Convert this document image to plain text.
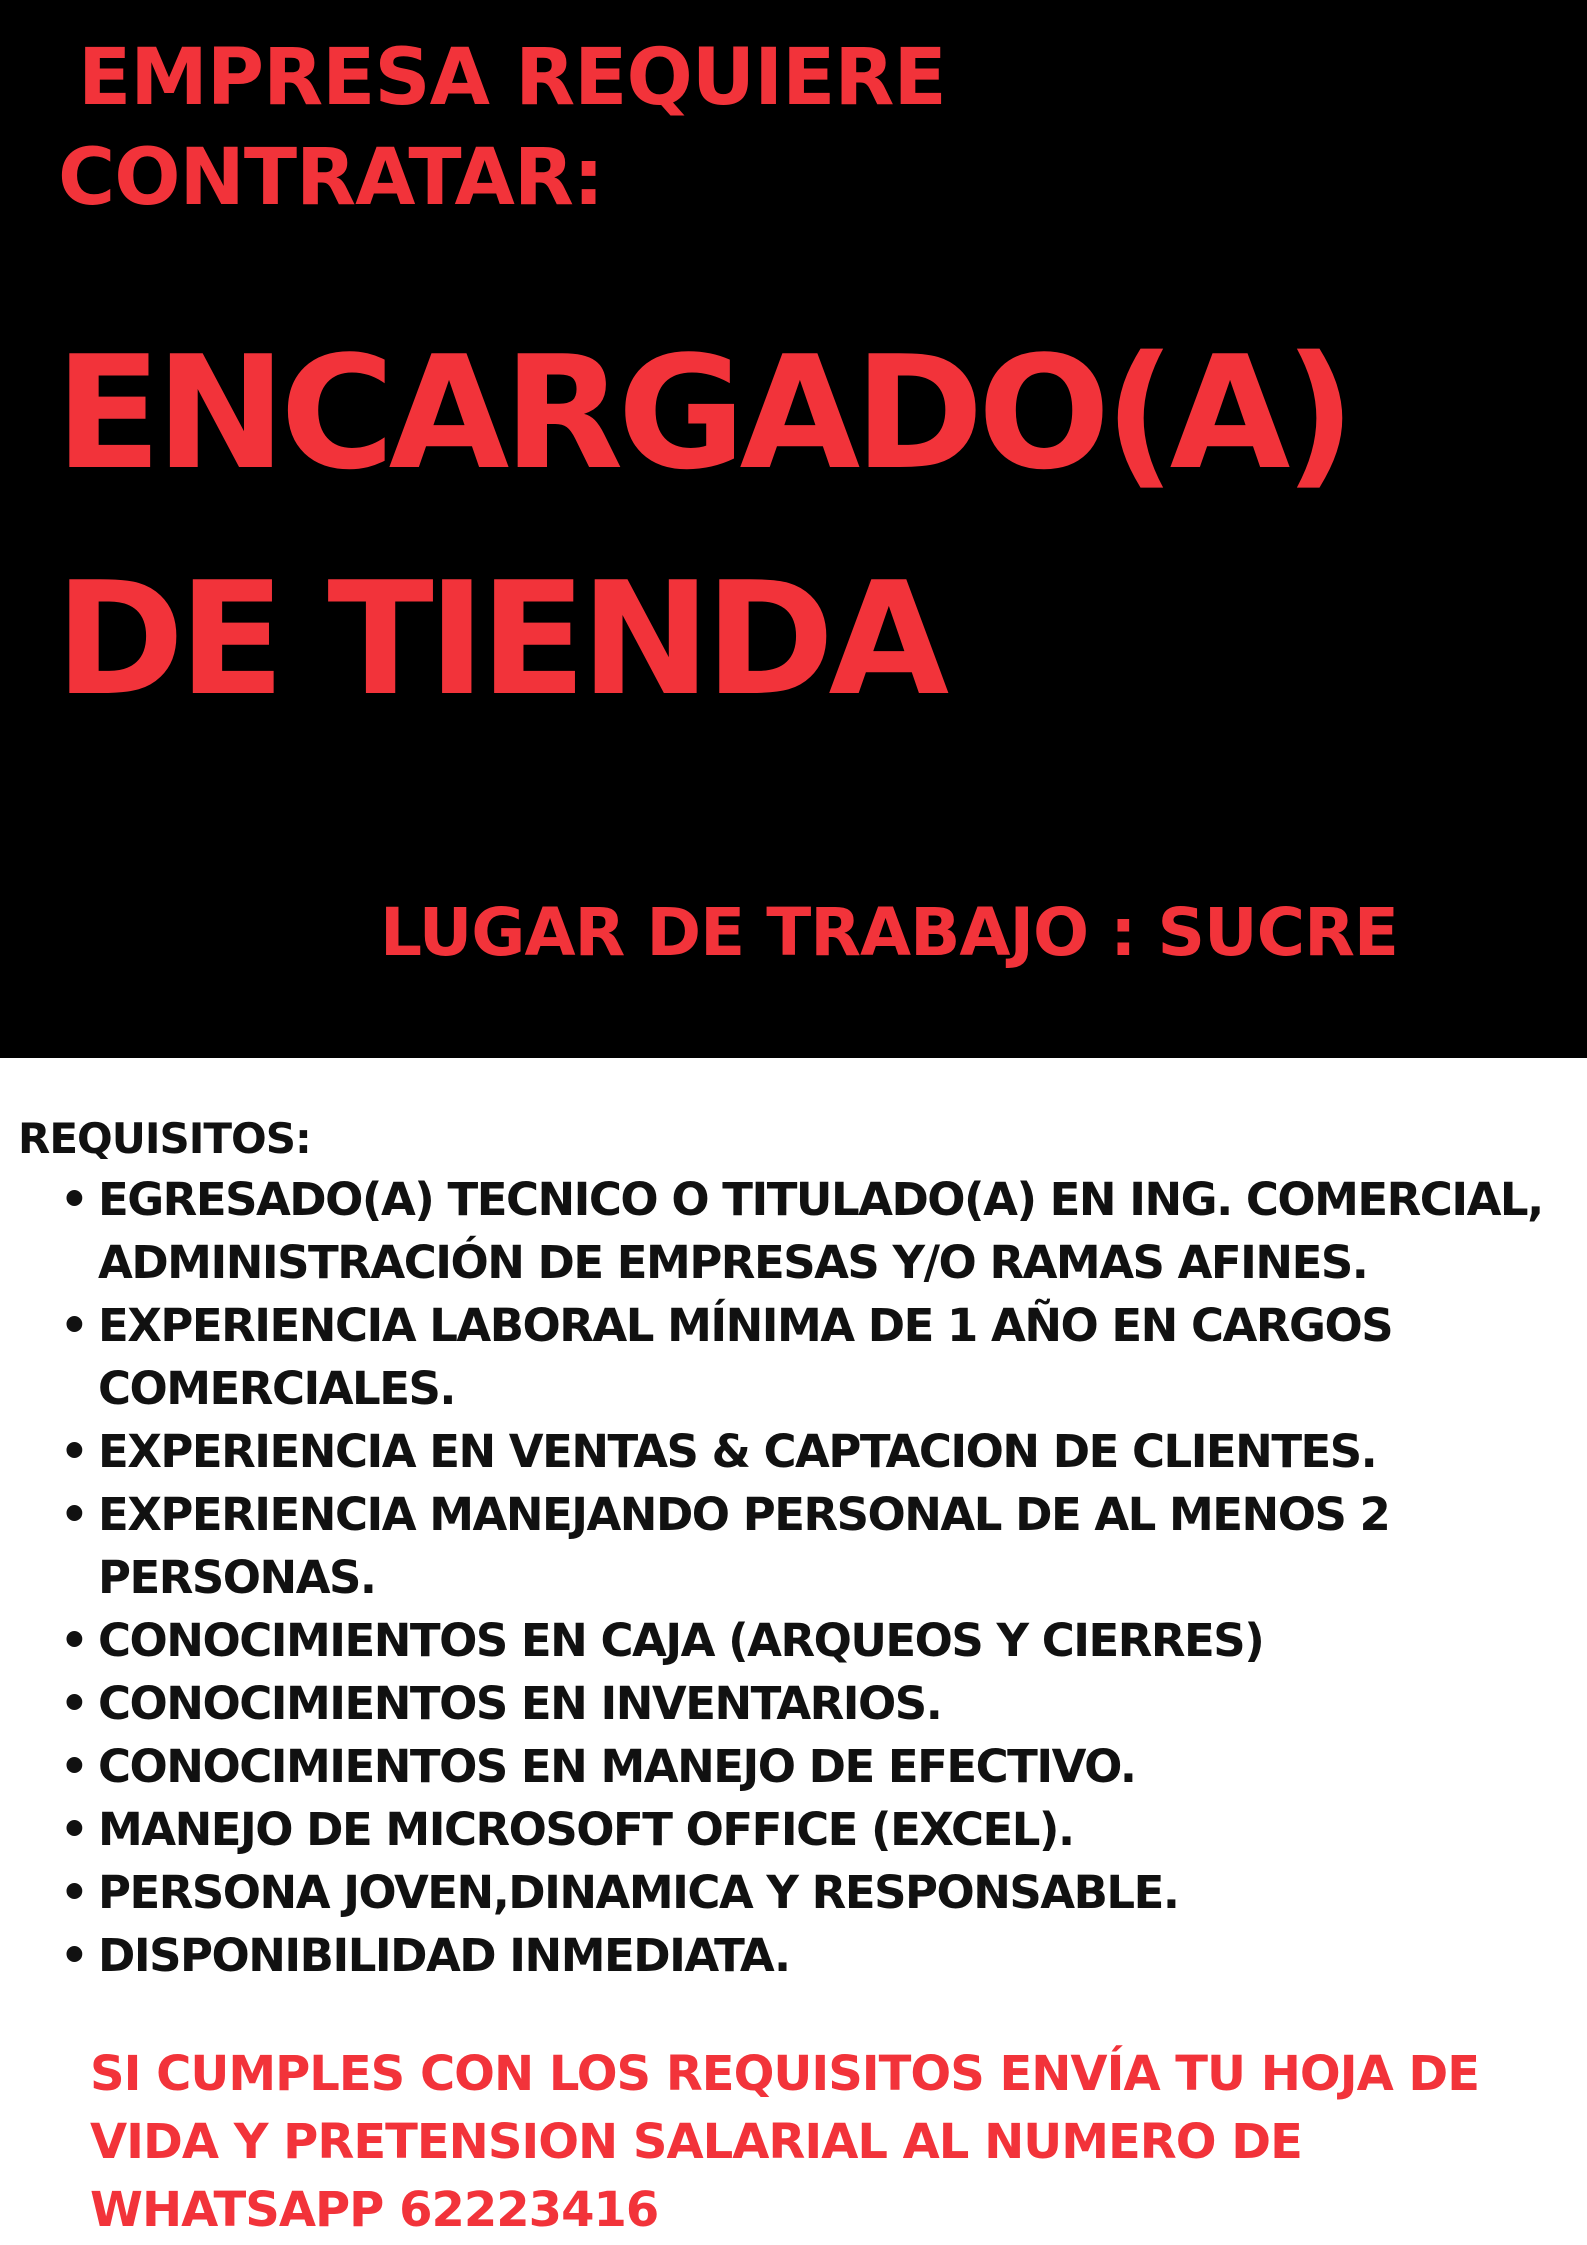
EMPRESA REQUIERE
CONTRATAR:
ENCARGADO(A)
DE TIENDA

LUGAR DE TRABAJO : SUCRE

REQUISITOS:
• EGRESADO(A) TECNICO O TITULADO(A) EN ING. COMERCIAL,
ADMINISTRACIÓN DE EMPRESAS Y/O RAMAS AFINES.
• EXPERIENCIA LABORAL MÍNIMA DE 1 AÑO EN CARGOS
COMERCIALES.
• EXPERIENCIA EN VENTAS & CAPTACION DE CLIENTES.
• EXPERIENCIA MANEJANDO PERSONAL DE AL MENOS 2
PERSONAS.
• CONOCIMIENTOS EN CAJA (ARQUEOS Y CIERRES)
• CONOCIMIENTOS EN INVENTARIOS.
• CONOCIMIENTOS EN MANEJO DE EFECTIVO.
• MANEJO DE MICROSOFT OFFICE (EXCEL).
• PERSONA JOVEN,DINAMICA Y RESPONSABLE.
• DISPONIBILIDAD INMEDIATA.

SI CUMPLES CON LOS REQUISITOS ENVÍA TU HOJA DE
VIDA Y PRETENSION SALARIAL AL NUMERO DE
WHATSAPP 62223416
